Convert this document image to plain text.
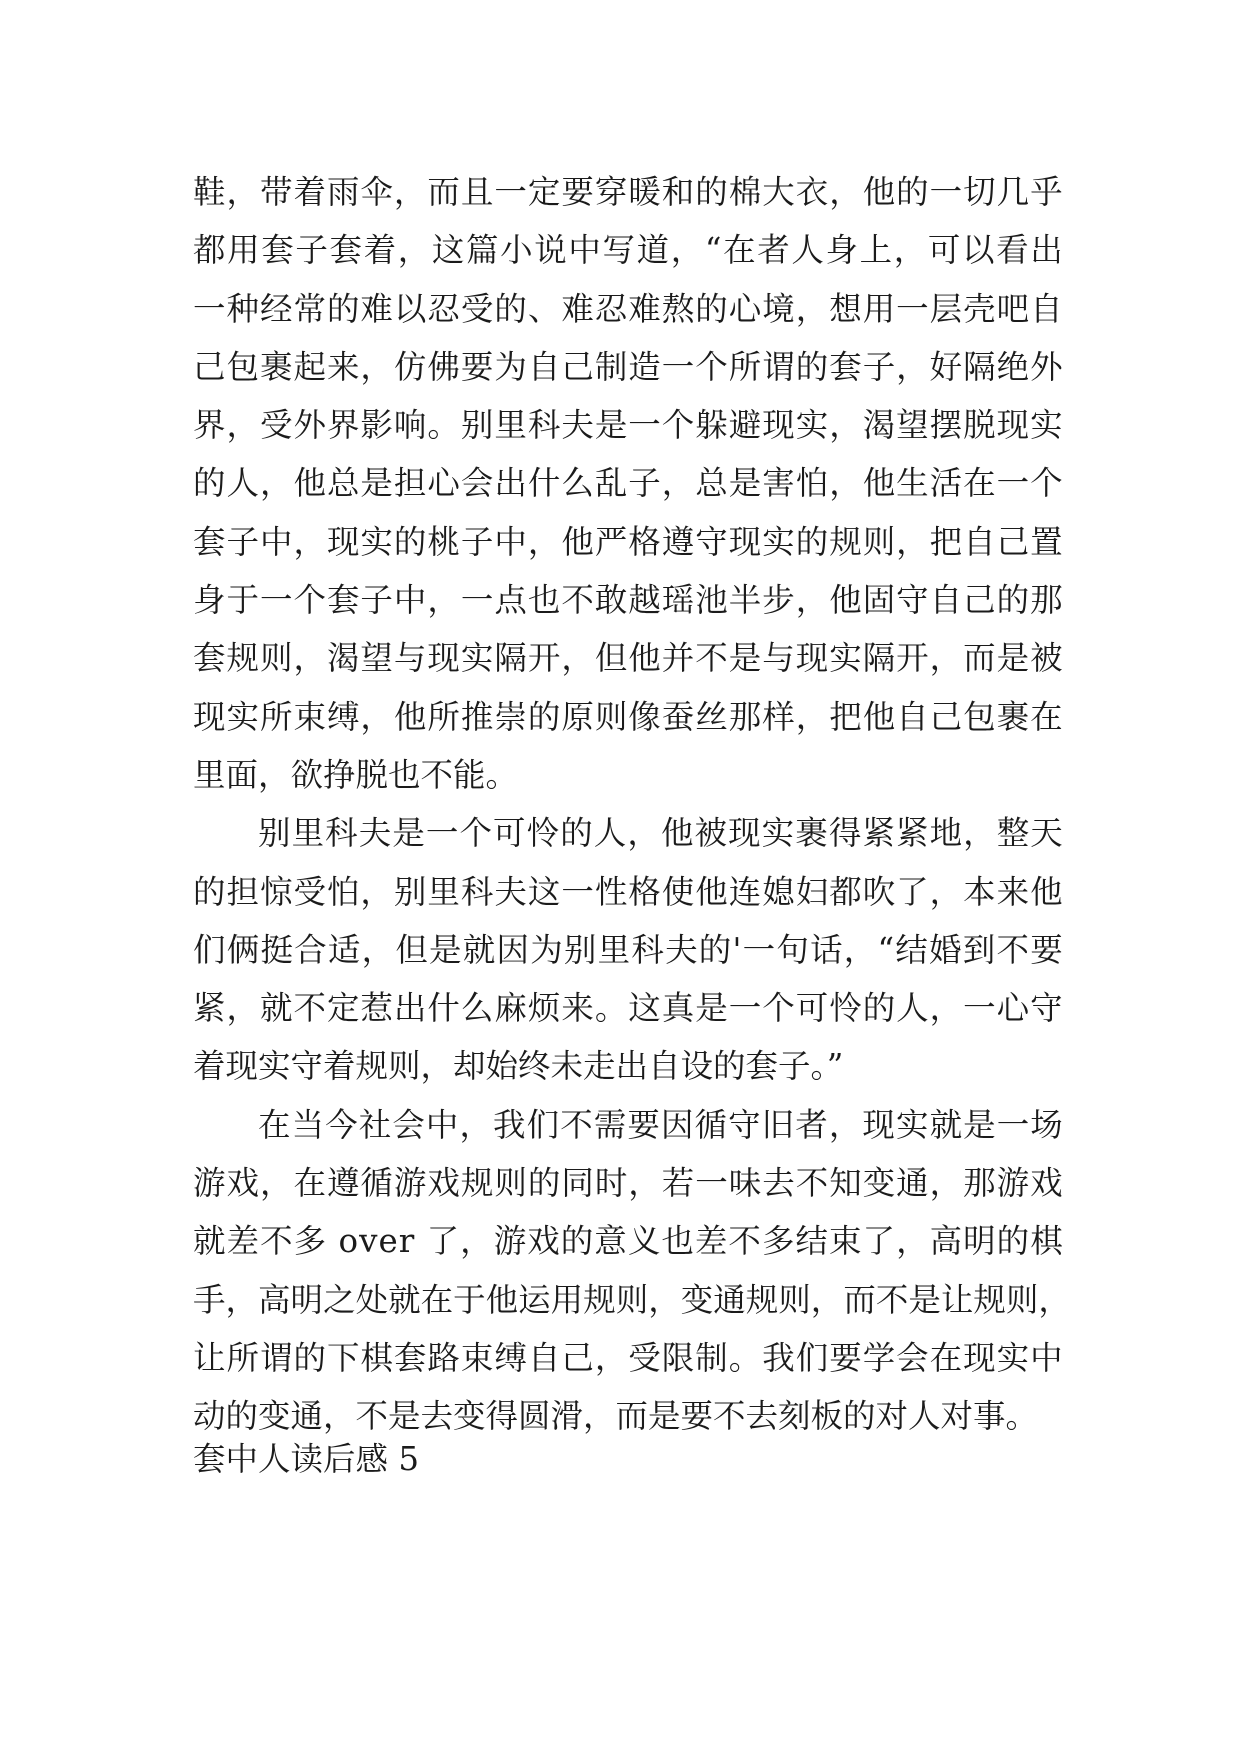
鞋 ， 带 着 雨 伞 ， 而 且 一 定 要 穿 暖 和 的 棉 大 衣 ， 他 的 一 切 几 乎
都 用 套 子 套 着 ， 这 篇 小 说 中 写 道 ， “ 在 者 人 身 上 ， 可 以 看 出
一 种 经 常 的 难 以 忍 受 的 、 难 忍 难 熬 的 心 境 ， 想 用 一 层 壳 吧 自
己 包 裹 起 来 ， 仿 佛 要 为 自 己 制 造 一 个 所 谓 的 套 子 ， 好 隔 绝 外
界 ， 受 外 界 影 响 。 别 里 科 夫 是 一 个 躲 避 现 实 ， 渴 望 摆 脱 现 实
的 人 ， 他 总 是 担 心 会 出 什 么 乱 子 ， 总 是 害 怕 ， 他 生 活 在 一 个
套 子 中 ， 现 实 的 桃 子 中 ， 他 严 格 遵 守 现 实 的 规 则 ， 把 自 己 置
身 于 一 个 套 子 中 ， 一 点 也 不 敢 越 瑶 池 半 步 ， 他 固 守 自 己 的 那
套 规 则 ， 渴 望 与 现 实 隔 开 ， 但 他 并 不 是 与 现 实 隔 开 ， 而 是 被
现 实 所 束 缚 ， 他 所 推 崇 的 原 则 像 蚕 丝 那 样 ， 把 他 自 己 包 裹 在
里面，欲挣脱也不能。
别 里 科 夫 是 一 个 可 怜 的 人 ， 他 被 现 实 裹 得 紧 紧 地 ， 整 天
的 担 惊 受 怕 ， 别 里 科 夫 这 一 性 格 使 他 连 媳 妇 都 吹 了 ， 本 来 他
们 俩 挺 合 适 ， 但 是 就 因 为 别 里 科 夫 的 ' 一 句 话 ， “ 结 婚 到 不 要
紧 ， 就 不 定 惹 出 什 么 麻 烦 来 。 这 真 是 一 个 可 怜 的 人 ， 一 心 守
着现实守着规则，却始终未走出自设的套子。”
在 当 今 社 会 中 ， 我 们 不 需 要 因 循 守 旧 者 ， 现 实 就 是 一 场
游 戏 ， 在 遵 循 游 戏 规 则 的 同 时 ， 若 一 味 去 不 知 变 通 ， 那 游 戏
就 差 不 多
o v e r
了 ， 游 戏 的 意 义 也 差 不 多 结 束 了 ， 高 明 的 棋
手 ， 高 明 之 处 就 在 于 他 运 用 规 则 ， 变 通 规 则 ， 而 不 是 让 规 则 ，
让 所 谓 的 下 棋 套 路 束 缚 自 己 ， 受 限 制 。 我 们 要 学 会 在 现 实 中
动的变通，不是去变得圆滑，而是要不去刻板的对人对事。
套中人读后感 5
